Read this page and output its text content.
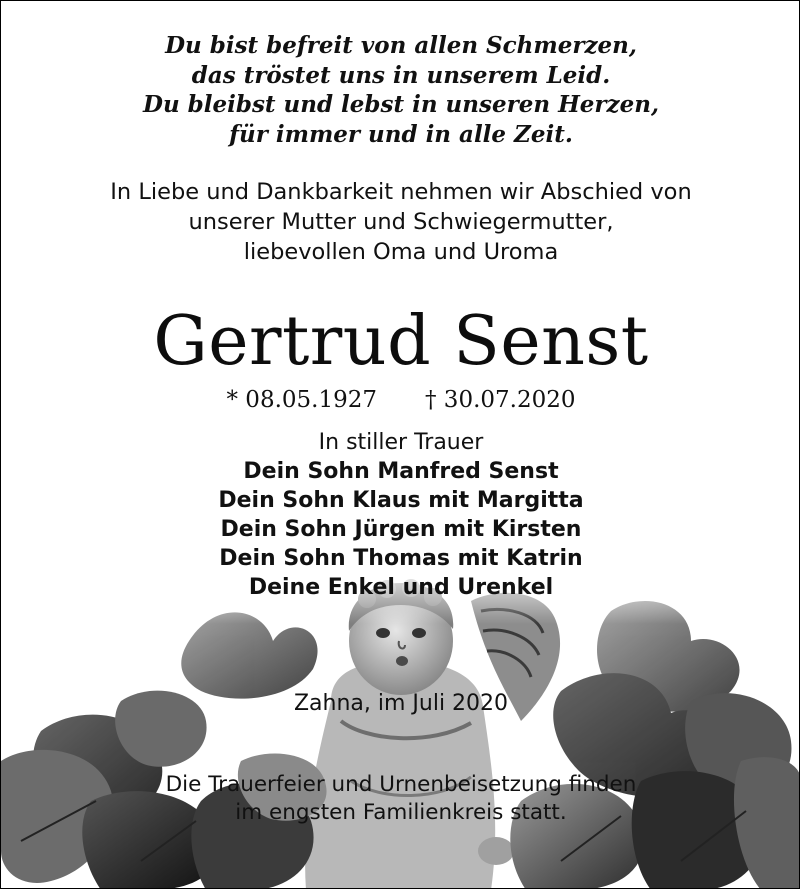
Du bist befreit von allen Schmerzen,
das tröstet uns in unserem Leid.
Du bleibst und lebst in unseren Herzen,
für immer und in alle Zeit.
In Liebe und Dankbarkeit nehmen wir Abschied von
unserer Mutter und Schwiegermutter,
liebevollen Oma und Uroma
Gertrud Senst
* 08.05.1927 † 30.07.2020
In stiller Trauer
Dein Sohn Manfred Senst
Dein Sohn Klaus mit Margitta
Dein Sohn Jürgen mit Kirsten
Dein Sohn Thomas mit Katrin
Deine Enkel und Urenkel
Zahna, im Juli 2020
Die Trauerfeier und Urnenbeisetzung finden
im engsten Familienkreis statt.
